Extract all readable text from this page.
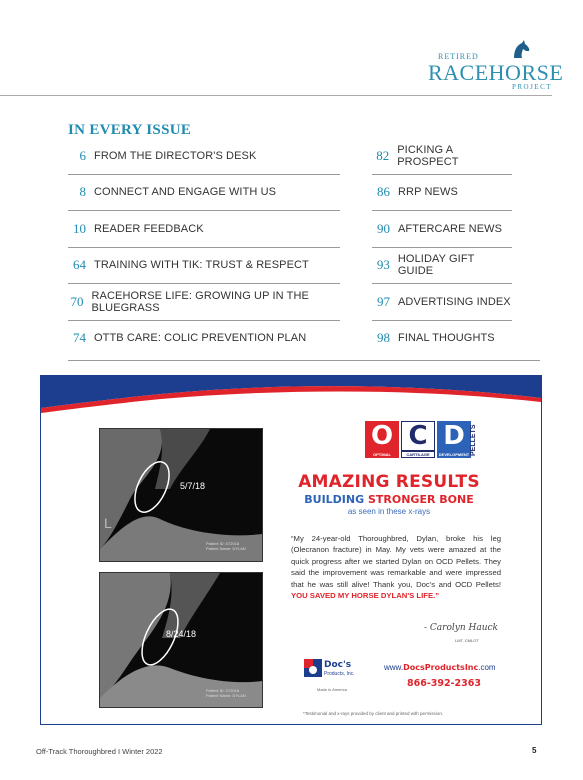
RETIRED
RACEHORSE
PROJECT
IN EVERY ISSUE
6 FROM THE DIRECTOR'S DESK
8 CONNECT AND ENGAGE WITH US
10 READER FEEDBACK
64 TRAINING WITH TIK: TRUST & RESPECT
70 RACEHORSE LIFE: GROWING UP IN THE BLUEGRASS
74 OTTB CARE: COLIC PREVENTION PLAN
82 PICKING A PROSPECT
86 RRP NEWS
90 AFTERCARE NEWS
93 HOLIDAY GIFT GUIDE
97 ADVERTISING INDEX
98 FINAL THOUGHTS
5/7/18
L
Patient ID: 072018
Patient Name: DYLAN
8/24/18
Patient ID: 072018
Patient Name: DYLAN
O C D
OPTIMAL	CARTILAGE	DEVELOPMENT PELLETS
AMAZING RESULTS
BUILDING STRONGER BONE
as seen in these x-rays
“My 24-year-old Thoroughbred, Dylan, broke his leg (Olecranon fracture) in May. My vets were amazed at the quick progress after we started Dylan on OCD Pellets. They said the improvement was remarkable and were impressed that he was still alive! Thank you, Doc's and OCD Pellets! YOU SAVED MY HORSE DYLAN'S LIFE.”
- Carolyn Hauck
LMT, CMLOT
Doc's
Products, Inc.
Made in America
www.DocsProductsInc.com
866-392-2363
*Testimonial and x-rays provided by client and printed with permission.
Off-Track Thoroughbred I Winter 2022	5
